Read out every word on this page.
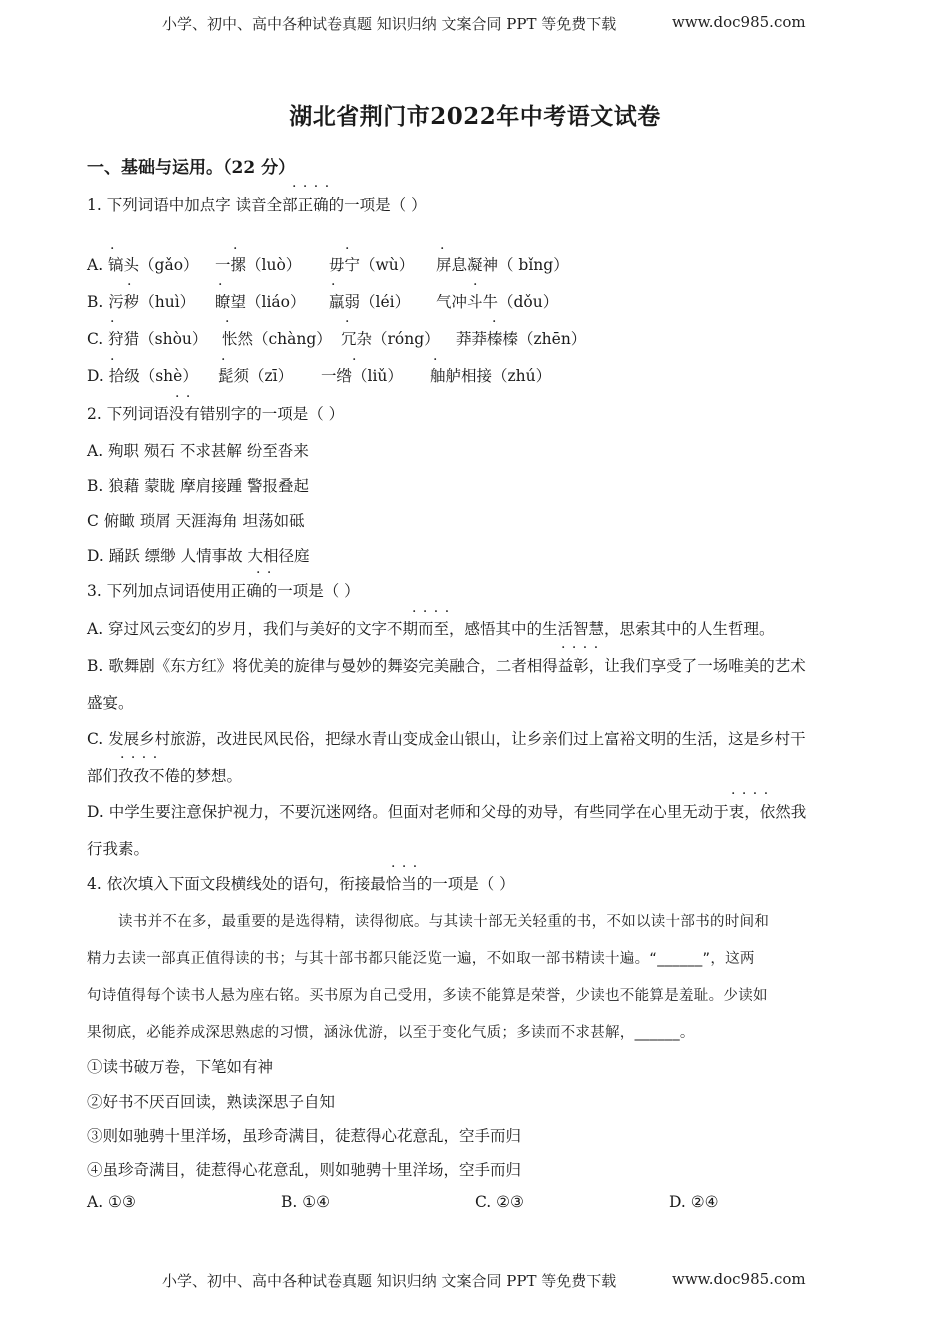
小学、初中、高中各种试卷真题 知识归纳 文案合同 PPT 等免费下载	www.doc985.com
湖北省荆门市2022年中考语文试卷
一、基础与运用。（22 分）
· · · ·
1. 下列词语中加点字 读音全部正确的一项是（ ）
·	·	·	·
A. 镐头（gǎo） 一摞（luò） 毋宁（wù） 屏息凝神（ bǐng）
·	·	·	·
B. 污秽（huì） 瞭望（liáo） 羸弱（léi） 气冲斗牛（dǒu）
·	·	·	·
C. 狩猎（shòu） 怅然（chàng） 冗杂（róng） 莽莽榛榛（zhēn）
·	·	·	·
D. 拾级（shè） 髭须（zī） 一绺（liǔ） 舳舻相接（zhú）
· ·
2. 下列词语没有错别字的一项是（ ）
A. 殉职 殒石 不求甚解 纷至沓来
B. 狼藉 蒙眬 摩肩接踵 警报叠起
C 俯瞰 琐屑 天涯海角 坦荡如砥
D. 踊跃 缥缈 人情事故 大相径庭
· ·
3. 下列加点词语使用正确的一项是（ ）
· · · ·
A. 穿过风云变幻的岁月，我们与美好的文字不期而至，感悟其中的生活智慧，思索其中的人生哲理。
· · · ·
B. 歌舞剧《东方红》将优美的旋律与曼妙的舞姿完美融合，二者相得益彰，让我们享受了一场唯美的艺术
盛宴。
C. 发展乡村旅游，改进民风民俗，把绿水青山变成金山银山，让乡亲们过上富裕文明的生活，这是乡村干
· · · ·
部们孜孜不倦的梦想。
· · · ·
D. 中学生要注意保护视力，不要沉迷网络。但面对老师和父母的劝导，有些同学在心里无动于衷，依然我
行我素。
· · ·
4. 依次填入下面文段横线处的语句，衔接最恰当的一项是（ ）
读书并不在多，最重要的是选得精，读得彻底。与其读十部无关轻重的书，不如以读十部书的时间和
精力去读一部真正值得读的书；与其十部书都只能泛览一遍，不如取一部书精读十遍。“______”，这两
句诗值得每个读书人悬为座右铭。买书原为自己受用，多读不能算是荣誉，少读也不能算是羞耻。少读如
果彻底，必能养成深思熟虑的习惯，涵泳优游，以至于变化气质；多读而不求甚解，______。
①读书破万卷，下笔如有神
②好书不厌百回读，熟读深思子自知
③则如驰骋十里洋场，虽珍奇满目，徒惹得心花意乱，空手而归
④虽珍奇满目，徒惹得心花意乱，则如驰骋十里洋场，空手而归
A. ①③	B. ①④	C. ②③	D. ②④
小学、初中、高中各种试卷真题 知识归纳 文案合同 PPT 等免费下载	www.doc985.com
